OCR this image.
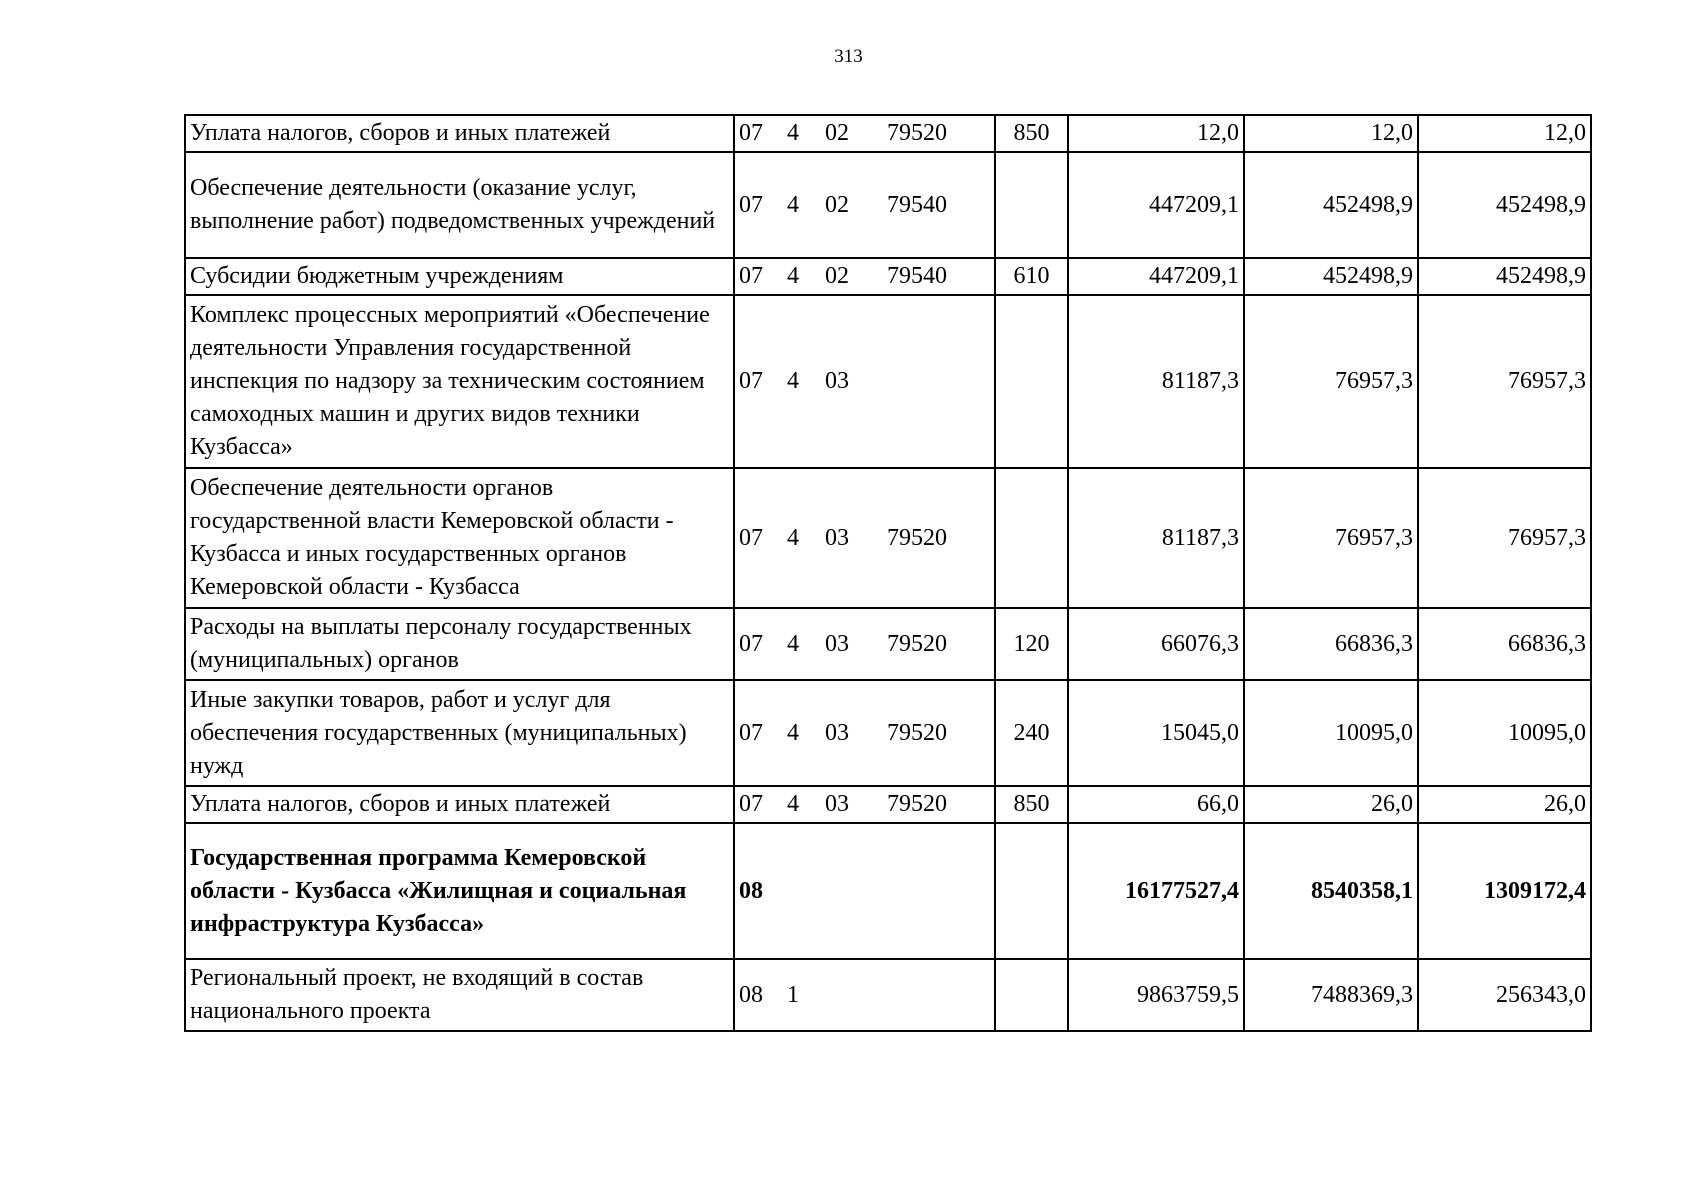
313
Уплата налогов, сборов и иных платежей	07 4 02 79520	850	12,0	12,0	12,0
Обеспечение деятельности (оказание услуг, выполнение работ) подведомственных учреждений	07 4 02 79540		447209,1	452498,9	452498,9
Субсидии бюджетным учреждениям	07 4 02 79540	610	447209,1	452498,9	452498,9
Комплекс процессных мероприятий «Обеспечение деятельности Управления государственной инспекция по надзору за техническим состоянием самоходных машин и других видов техники Кузбасса»	07 4 03		81187,3	76957,3	76957,3
Обеспечение деятельности органов государственной власти Кемеровской области - Кузбасса и иных государственных органов Кемеровской области - Кузбасса	07 4 03 79520		81187,3	76957,3	76957,3
Расходы на выплаты персоналу государственных (муниципальных) органов	07 4 03 79520	120	66076,3	66836,3	66836,3
Иные закупки товаров, работ и услуг для обеспечения государственных (муниципальных) нужд	07 4 03 79520	240	15045,0	10095,0	10095,0
Уплата налогов, сборов и иных платежей	07 4 03 79520	850	66,0	26,0	26,0
Государственная программа Кемеровской области - Кузбасса «Жилищная и социальная инфраструктура Кузбасса»	08		16177527,4	8540358,1	1309172,4
Региональный проект, не входящий в состав национального проекта	08 1		9863759,5	7488369,3	256343,0
